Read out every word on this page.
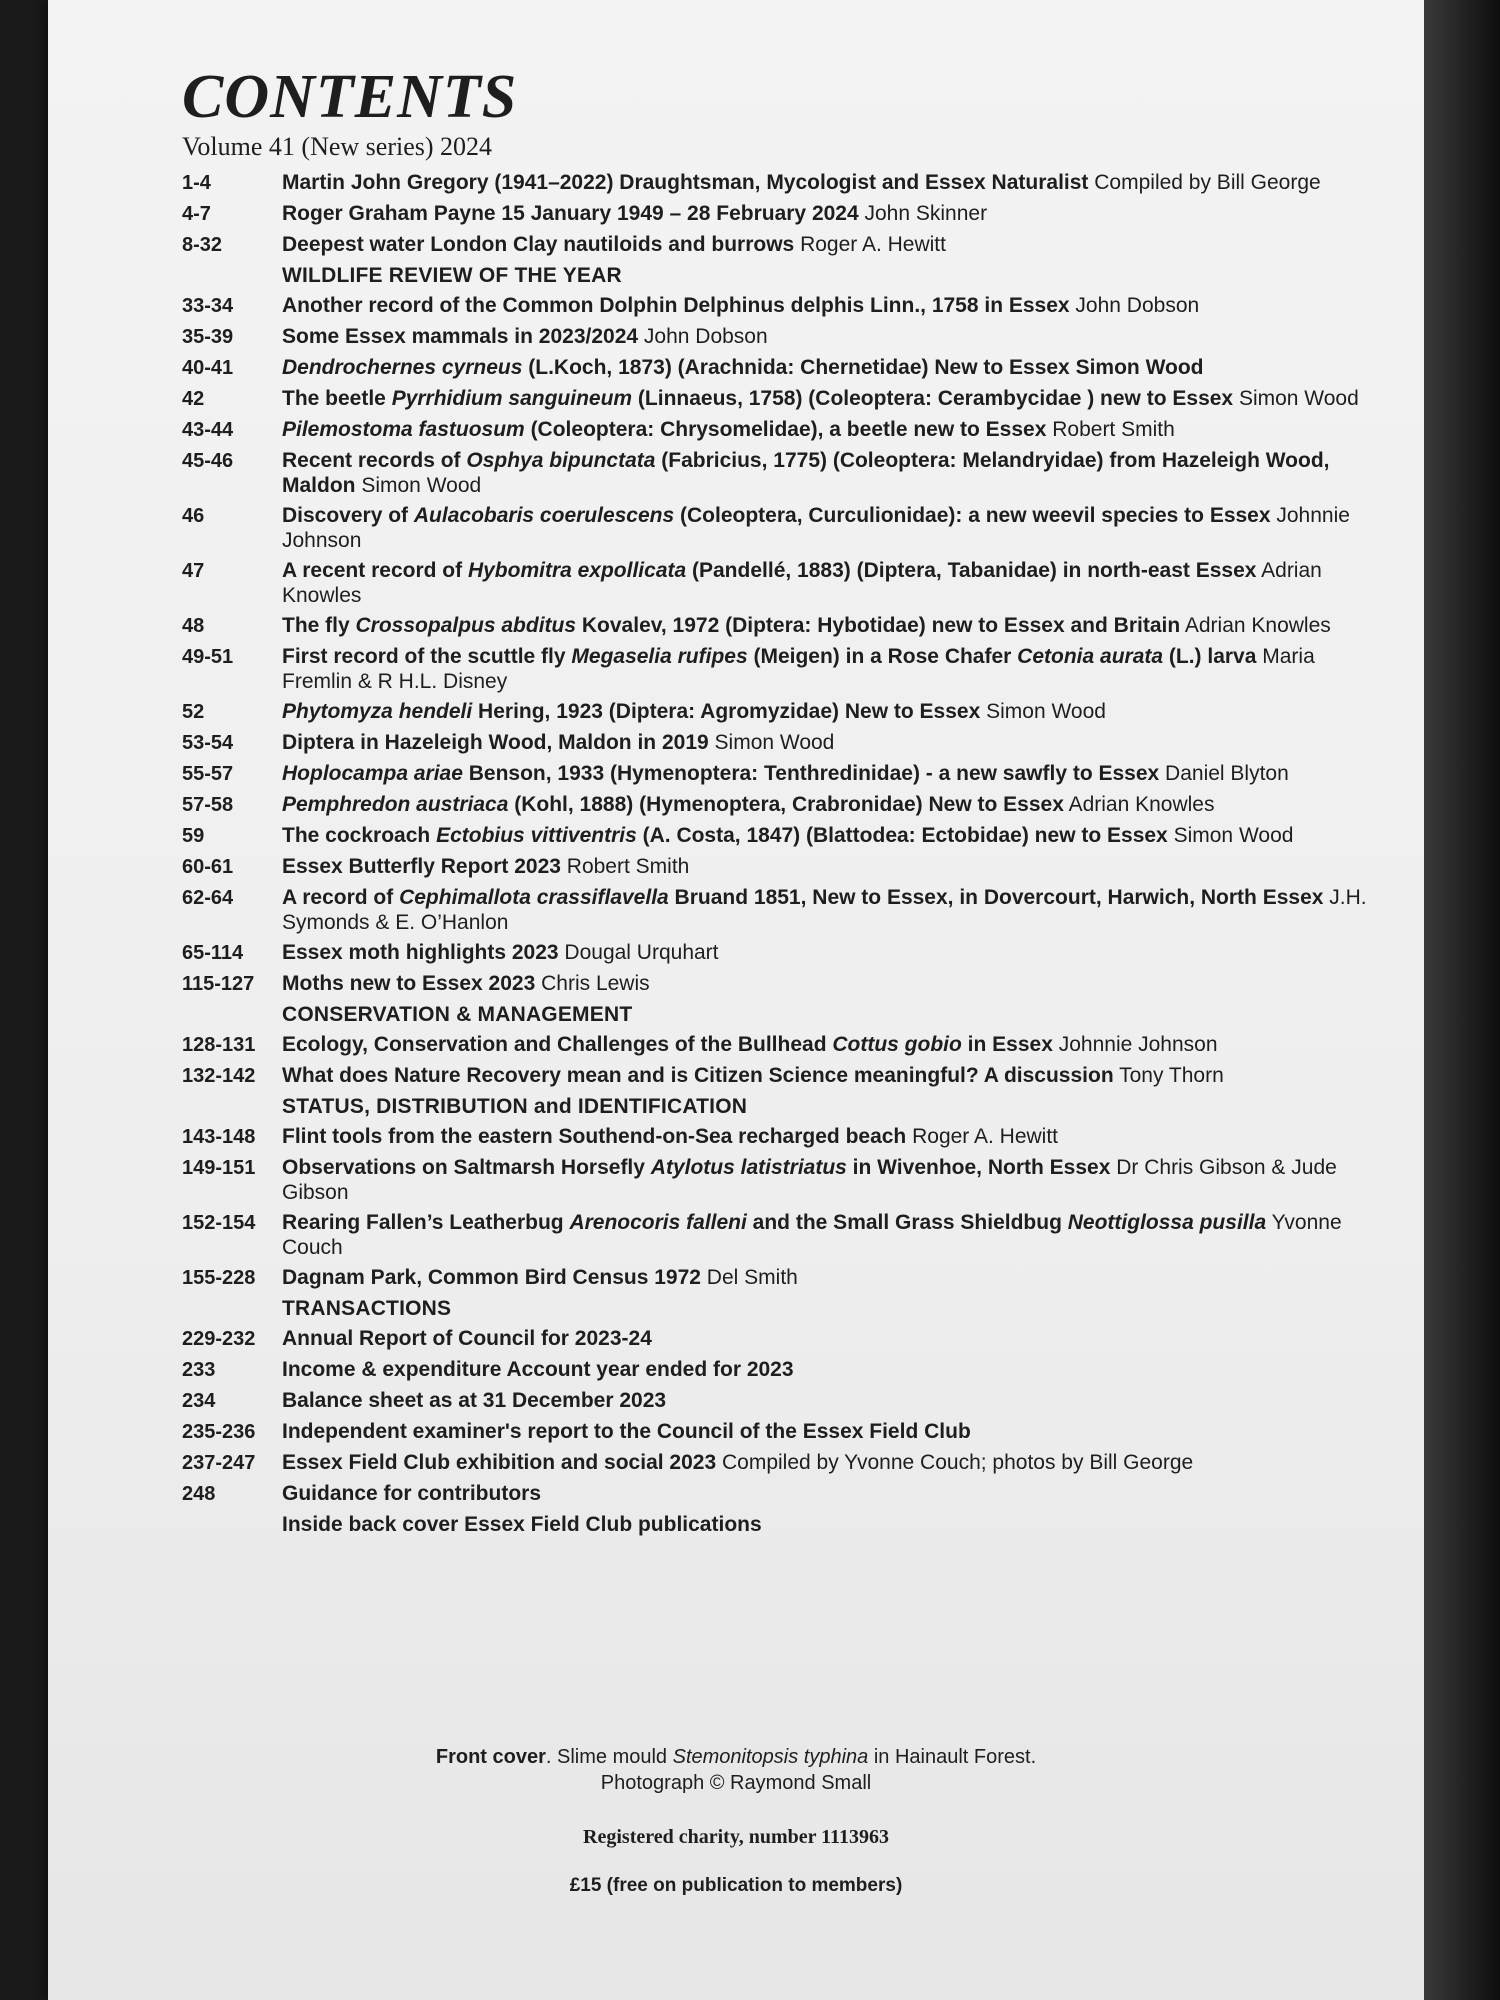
CONTENTS
Volume 41 (New series) 2024
1-4	Martin John Gregory (1941–2022) Draughtsman, Mycologist and Essex Naturalist Compiled by Bill George
4-7	Roger Graham Payne 15 January 1949 – 28 February 2024 John Skinner
8-32	Deepest water London Clay nautiloids and burrows Roger A. Hewitt
WILDLIFE REVIEW OF THE YEAR
33-34	Another record of the Common Dolphin Delphinus delphis Linn., 1758 in Essex John Dobson
35-39	Some Essex mammals in 2023/2024 John Dobson
40-41	Dendrochernes cyrneus (L.Koch, 1873) (Arachnida: Chernetidae) New to Essex Simon Wood
42	The beetle Pyrrhidium sanguineum (Linnaeus, 1758) (Coleoptera: Cerambycidae ) new to Essex Simon Wood
43-44	Pilemostoma fastuosum (Coleoptera: Chrysomelidae), a beetle new to Essex Robert Smith
45-46	Recent records of Osphya bipunctata (Fabricius, 1775) (Coleoptera: Melandryidae) from Hazeleigh Wood, Maldon Simon Wood
46	Discovery of Aulacobaris coerulescens (Coleoptera, Curculionidae): a new weevil species to Essex Johnnie Johnson
47	A recent record of Hybomitra expollicata (Pandellé, 1883) (Diptera, Tabanidae) in north-east Essex Adrian Knowles
48	The fly Crossopalpus abditus Kovalev, 1972 (Diptera: Hybotidae) new to Essex and Britain Adrian Knowles
49-51	First record of the scuttle fly Megaselia rufipes (Meigen) in a Rose Chafer Cetonia aurata (L.) larva Maria Fremlin & R H.L. Disney
52	Phytomyza hendeli Hering, 1923 (Diptera: Agromyzidae) New to Essex Simon Wood
53-54	Diptera in Hazeleigh Wood, Maldon in 2019 Simon Wood
55-57	Hoplocampa ariae Benson, 1933 (Hymenoptera: Tenthredinidae) - a new sawfly to Essex Daniel Blyton
57-58	Pemphredon austriaca (Kohl, 1888) (Hymenoptera, Crabronidae) New to Essex Adrian Knowles
59	The cockroach Ectobius vittiventris (A. Costa, 1847) (Blattodea: Ectobidae) new to Essex Simon Wood
60-61	Essex Butterfly Report 2023 Robert Smith
62-64	A record of Cephimallota crassiflavella Bruand 1851, New to Essex, in Dovercourt, Harwich, North Essex J.H. Symonds & E. O’Hanlon
65-114	Essex moth highlights 2023 Dougal Urquhart
115-127	Moths new to Essex 2023 Chris Lewis
CONSERVATION & MANAGEMENT
128-131	Ecology, Conservation and Challenges of the Bullhead Cottus gobio in Essex Johnnie Johnson
132-142	What does Nature Recovery mean and is Citizen Science meaningful? A discussion Tony Thorn
STATUS, DISTRIBUTION and IDENTIFICATION
143-148	Flint tools from the eastern Southend-on-Sea recharged beach Roger A. Hewitt
149-151	Observations on Saltmarsh Horsefly Atylotus latistriatus in Wivenhoe, North Essex Dr Chris Gibson & Jude Gibson
152-154	Rearing Fallen’s Leatherbug Arenocoris falleni and the Small Grass Shieldbug Neottiglossa pusilla Yvonne Couch
155-228	Dagnam Park, Common Bird Census 1972 Del Smith
TRANSACTIONS
229-232	Annual Report of Council for 2023-24
233	Income & expenditure Account year ended for 2023
234	Balance sheet as at 31 December 2023
235-236	Independent examiner's report to the Council of the Essex Field Club
237-247	Essex Field Club exhibition and social 2023 Compiled by Yvonne Couch; photos by Bill George
248	Guidance for contributors
Inside back cover Essex Field Club publications
Front cover. Slime mould Stemonitopsis typhina in Hainault Forest.
Photograph © Raymond Small
Registered charity, number 1113963
£15 (free on publication to members)
